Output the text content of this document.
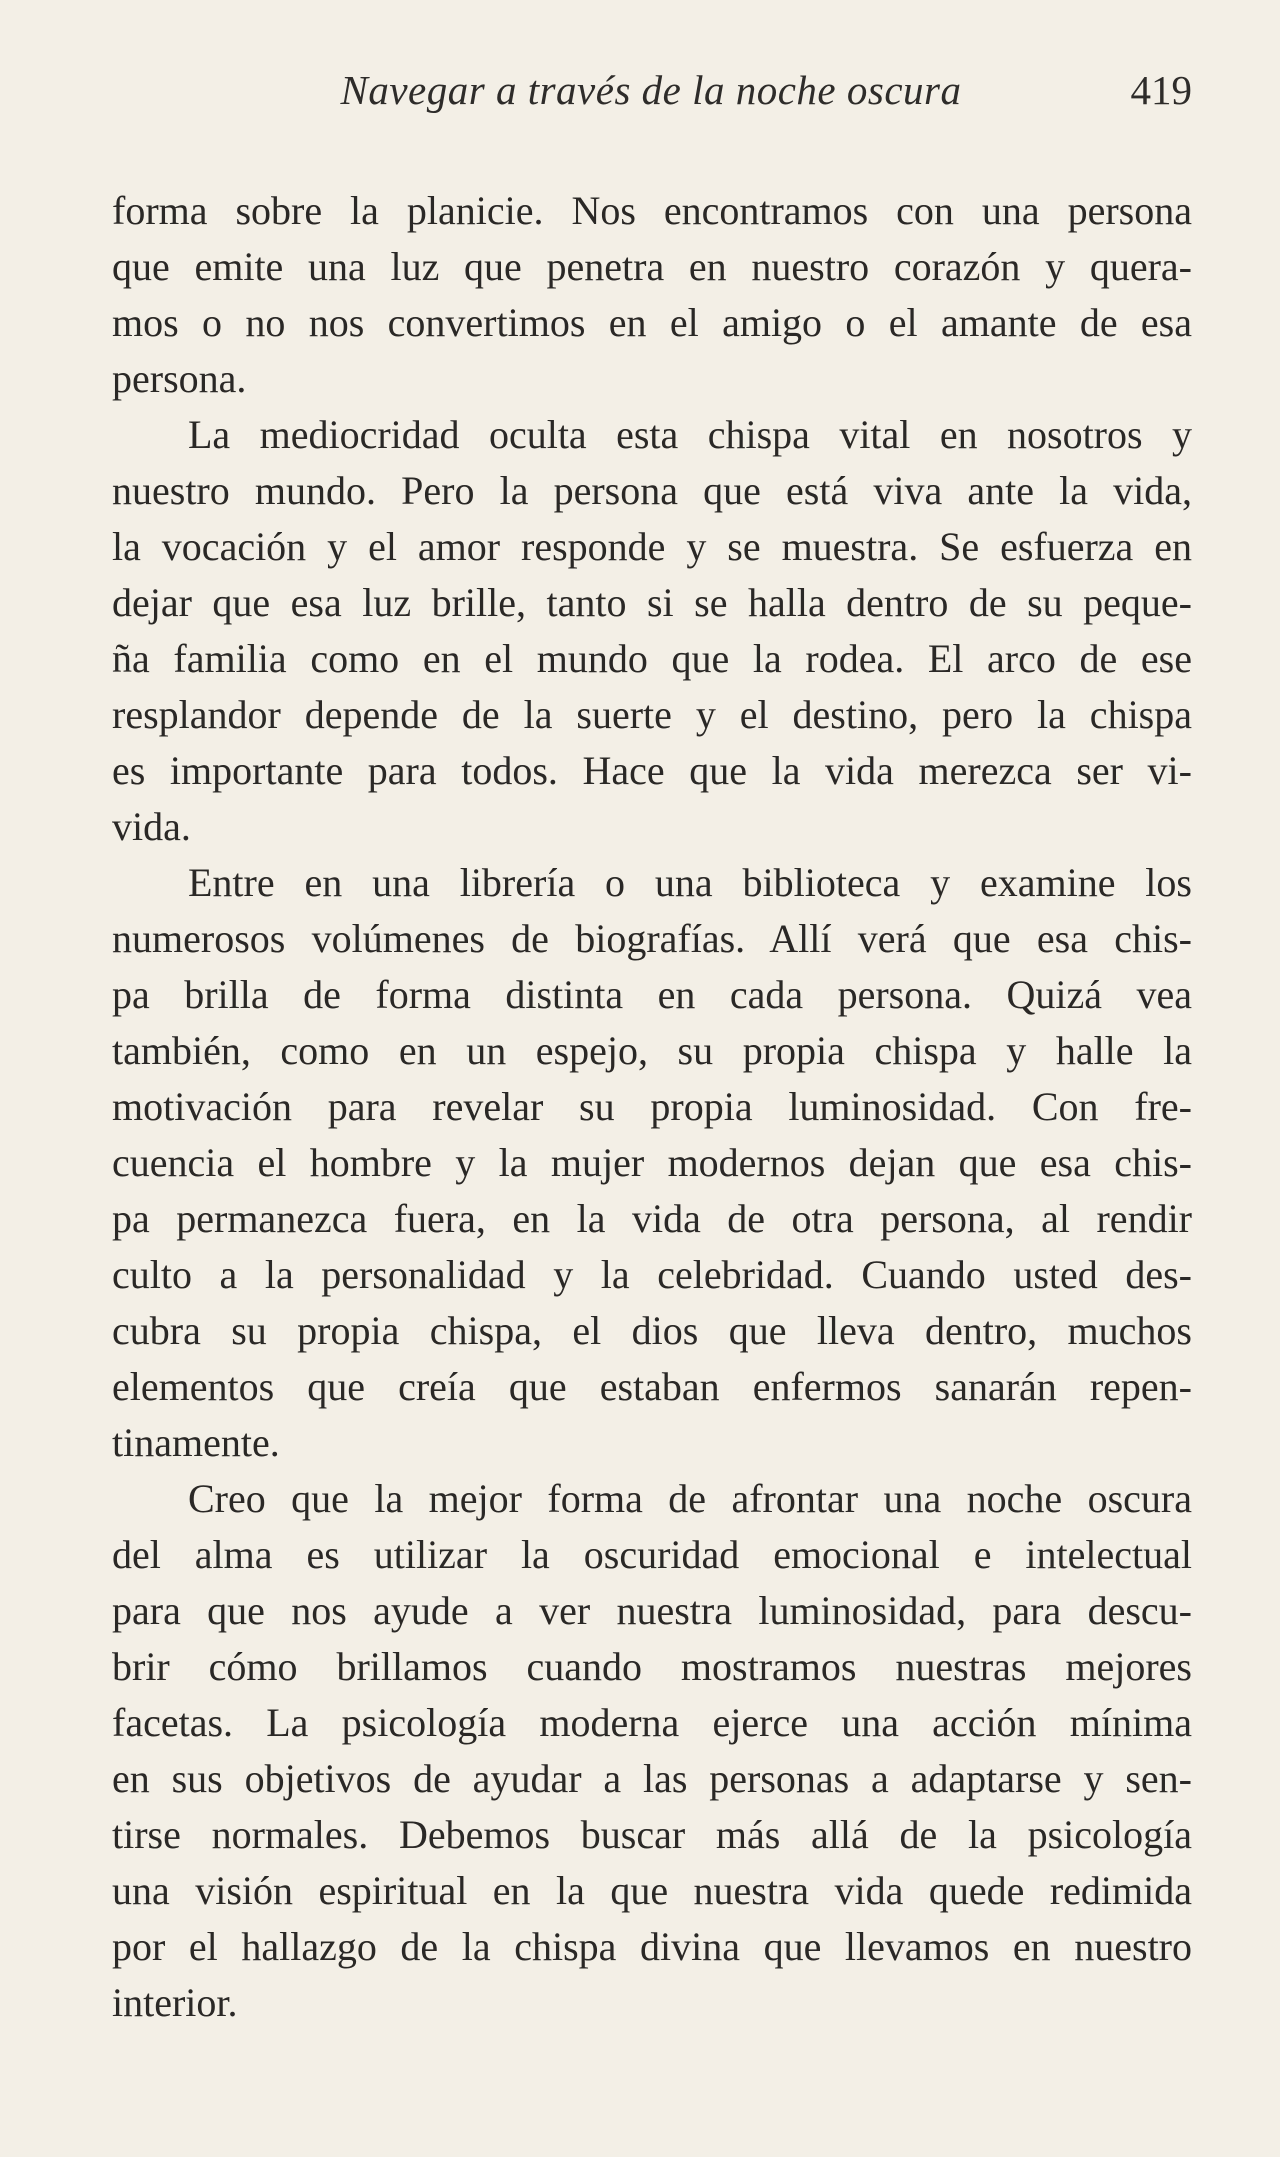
Navegar a través de la noche oscura	419
forma sobre la planicie. Nos encontramos con una persona
que emite una luz que penetra en nuestro corazón y quera-
mos o no nos convertimos en el amigo o el amante de esa
persona.
La mediocridad oculta esta chispa vital en nosotros y
nuestro mundo. Pero la persona que está viva ante la vida,
la vocación y el amor responde y se muestra. Se esfuerza en
dejar que esa luz brille, tanto si se halla dentro de su peque-
ña familia como en el mundo que la rodea. El arco de ese
resplandor depende de la suerte y el destino, pero la chispa
es importante para todos. Hace que la vida merezca ser vi-
vida.
Entre en una librería o una biblioteca y examine los
numerosos volúmenes de biografías. Allí verá que esa chis-
pa brilla de forma distinta en cada persona. Quizá vea
también, como en un espejo, su propia chispa y halle la
motivación para revelar su propia luminosidad. Con fre-
cuencia el hombre y la mujer modernos dejan que esa chis-
pa permanezca fuera, en la vida de otra persona, al rendir
culto a la personalidad y la celebridad. Cuando usted des-
cubra su propia chispa, el dios que lleva dentro, muchos
elementos que creía que estaban enfermos sanarán repen-
tinamente.
Creo que la mejor forma de afrontar una noche oscura
del alma es utilizar la oscuridad emocional e intelectual
para que nos ayude a ver nuestra luminosidad, para descu-
brir cómo brillamos cuando mostramos nuestras mejores
facetas. La psicología moderna ejerce una acción mínima
en sus objetivos de ayudar a las personas a adaptarse y sen-
tirse normales. Debemos buscar más allá de la psicología
una visión espiritual en la que nuestra vida quede redimida
por el hallazgo de la chispa divina que llevamos en nuestro
interior.
